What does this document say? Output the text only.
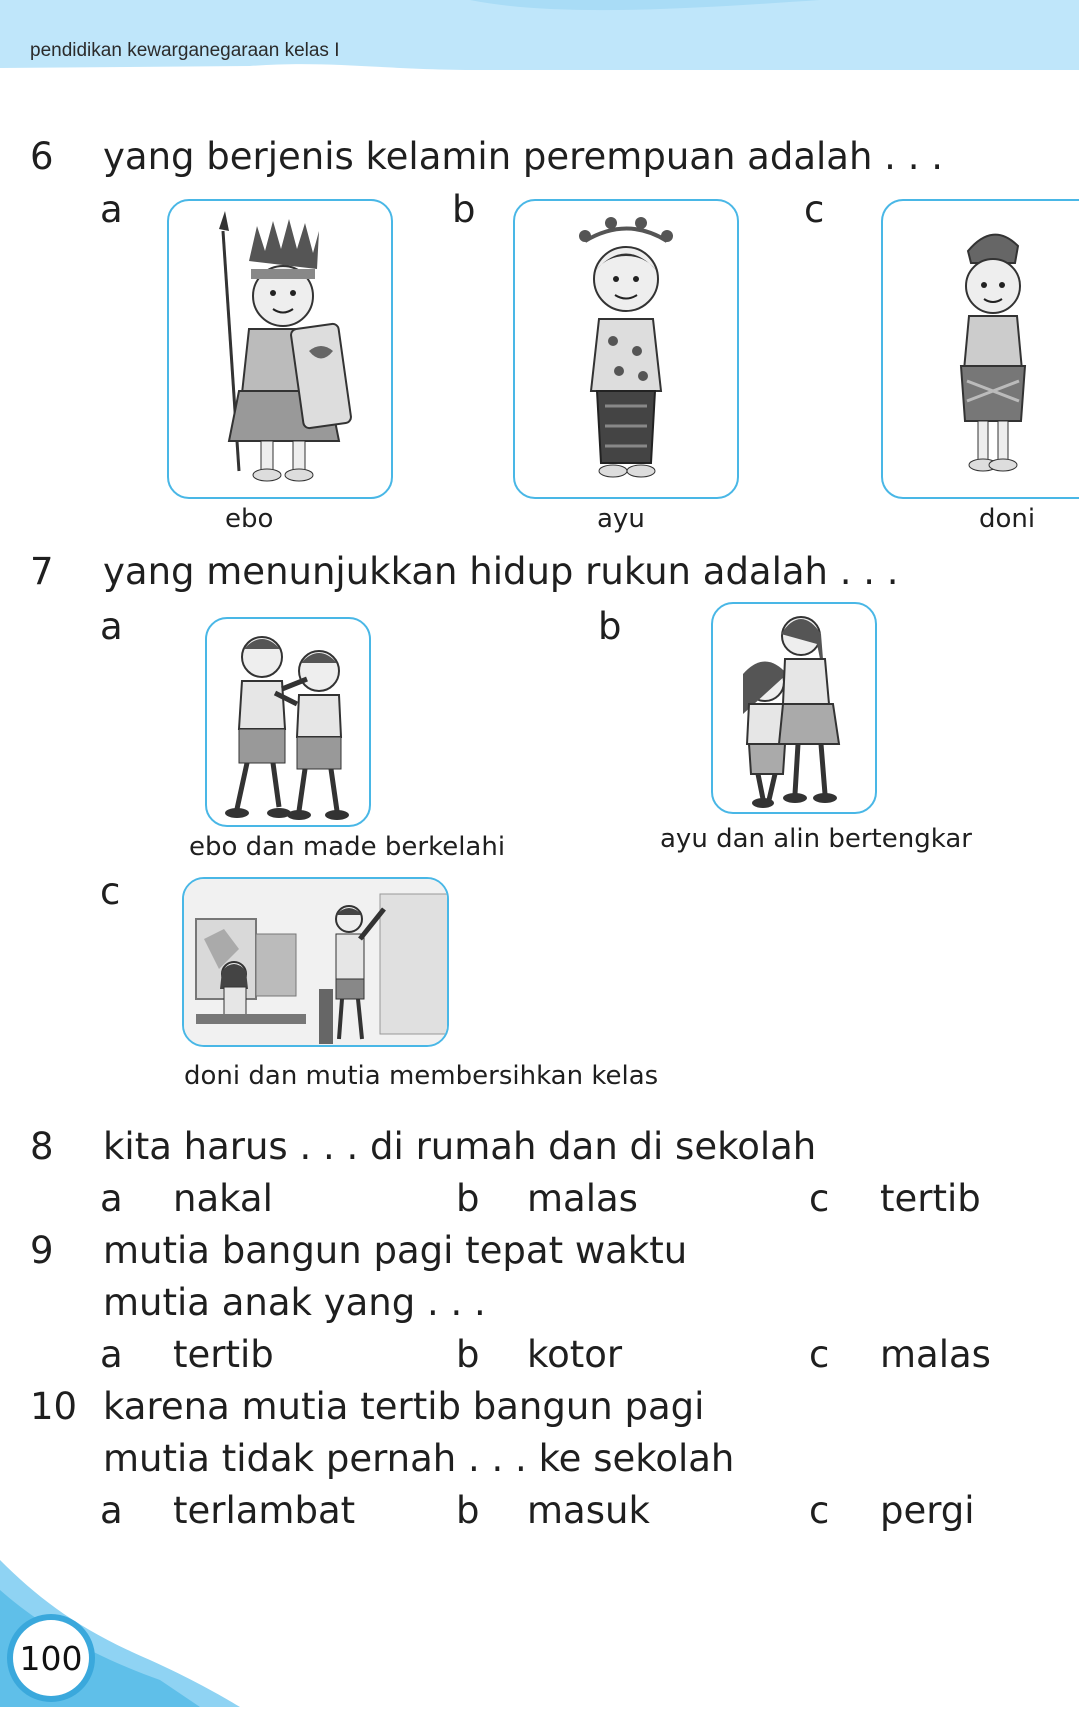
pendidikan kewarganegaraan kelas I
6 yang berjenis kelamin perempuan adalah . . .
a
ebo
b
ayu
c
doni
7 yang menunjukkan hidup rukun adalah . . .
a
ebo dan made berkelahi
b
ayu dan alin bertengkar
c
doni dan mutia membersihkan kelas
8 kita harus . . . di rumah dan di sekolah
a nakal	b malas	c tertib
9 mutia bangun pagi tepat waktu
mutia anak yang . . .
a tertib	b kotor	c malas
10 karena mutia tertib bangun pagi
mutia tidak pernah . . . ke sekolah
a terlambat	b masuk	c pergi
100
